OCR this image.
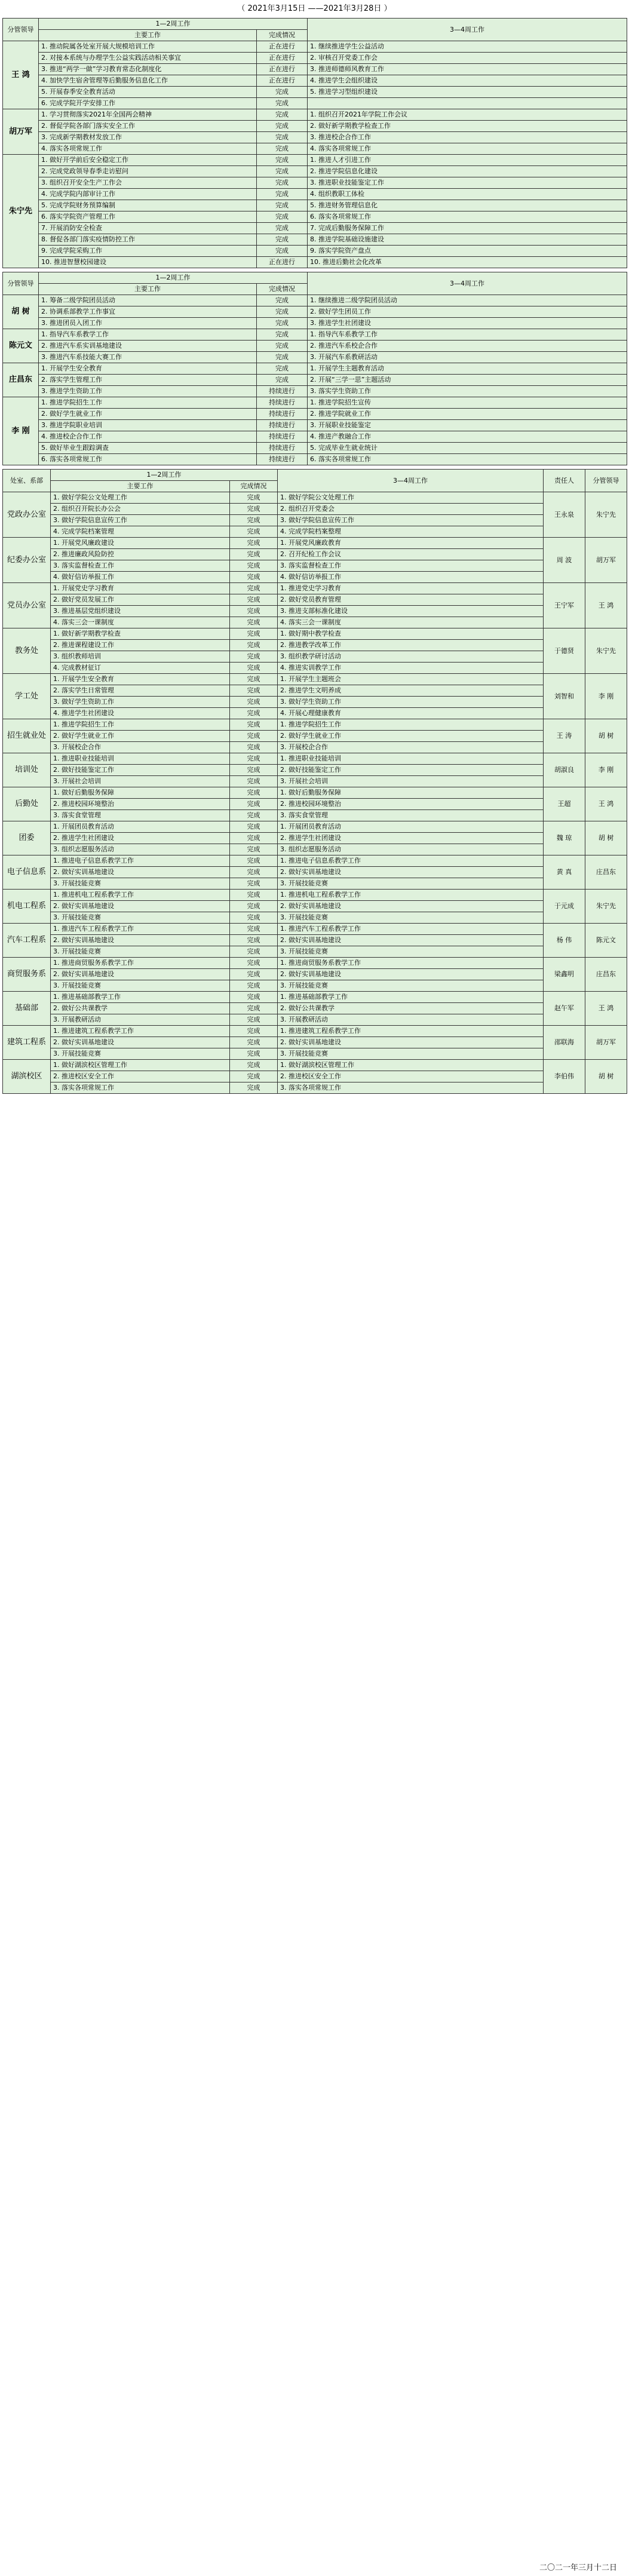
（ 2021年3月15日 ——2021年3月28日 ）
分管领导	1—2周工作		3—4周工作
	主要工作	完成情况	
王 鸿	1. 推动院属各处室开展大规模培训工作	正在进行	1. 继续推进学生公益活动
	2. 对接本系统与办理学生公益实践活动相关事宜	正在进行	2. 审核召开党委工作会
	3. 推进“两学一做”学习教育常态化制度化	正在进行	3. 推进师德师风教育工作
	4. 加快学生宿舍管理等后勤服务信息化工作	正在进行	4. 推进学生会组织建设
	5. 开展春季安全教育活动	完成	5. 推进学习型组织建设
	6. 完成学院开学安排工作	完成	
胡万军	1. 学习贯彻落实2021年全国两会精神	完成	1. 组织召开2021年学院工作会议
	2. 督促学院各部门落实安全工作	完成	2. 做好新学期教学检查工作
	3. 完成新学期教材发放工作	完成	3. 推进校企合作工作
	4. 落实各项常规工作	完成	4. 落实各项常规工作
朱宁先	1. 做好开学前后安全稳定工作	完成	1. 推进人才引进工作
	2. 完成党政领导春季走访慰问	完成	2. 推进学院信息化建设
	3. 组织召开安全生产工作会	完成	3. 推进职业技能鉴定工作
	4. 完成学院内部审计工作	完成	4. 组织教职工体检
	5. 完成学院财务预算编制	完成	5. 推进财务管理信息化
	6. 落实学院资产管理工作	完成	6. 落实各项常规工作
	7. 开展消防安全检查	完成	7. 完成后勤服务保障工作
	8. 督促各部门落实疫情防控工作	完成	8. 推进学院基础设施建设
	9. 完成学院采购工作	完成	9. 落实学院资产盘点
	10. 推进智慧校园建设	正在进行	10. 推进后勤社会化改革
分管领导	1—2周工作		3—4周工作
	主要工作	完成情况	
胡 树	1. 筹备二级学院团员活动	完成	1. 继续推进二级学院团员活动
	2. 协调系部教学工作事宜	完成	2. 做好学生团员工作
	3. 推进团员入团工作	完成	3. 推进学生社团建设
陈元文	1. 指导汽车系教学工作	完成	1. 指导汽车系教学工作
	2. 推进汽车系实训基地建设	完成	2. 推进汽车系校企合作
	3. 推进汽车系技能大赛工作	完成	3. 开展汽车系教研活动
庄昌东	1. 开展学生安全教育	完成	1. 开展学生主题教育活动
	2. 落实学生管理工作	完成	2. 开展“三学一思”主题活动
	3. 推进学生资助工作	持续进行	3. 落实学生资助工作
李 刚	1. 推进学院招生工作	持续进行	1. 推进学院招生宣传
	2. 做好学生就业工作	持续进行	2. 推进学院就业工作
	3. 推进学院职业培训	持续进行	3. 开展职业技能鉴定
	4. 推进校企合作工作	持续进行	4. 推进产教融合工作
	5. 做好毕业生跟踪调查	持续进行	5. 完成毕业生就业统计
	6. 落实各项常规工作	持续进行	6. 落实各项常规工作
处室、系部	1—2周工作		3—4周工作	责任人	分管领导
	主要工作	完成情况			
党政办公室	1. 做好学院公文处理工作	完成	1. 做好学院公文处理工作	王永泉	朱宁先
	2. 组织召开院长办公会	完成	2. 组织召开党委会		
	3. 做好学院信息宣传工作	完成	3. 做好学院信息宣传工作		
	4. 完成学院档案管理	完成	4. 完成学院档案整理		
纪委办公室	1. 开展党风廉政建设	完成	1. 开展党风廉政教育	周 波	胡万军
	2. 推进廉政风险防控	完成	2. 召开纪检工作会议		
	3. 落实监督检查工作	完成	3. 落实监督检查工作		
	4. 做好信访举报工作	完成	4. 做好信访举报工作		
党员办公室	1. 开展党史学习教育	完成	1. 推进党史学习教育	王宁军	王 鸿
	2. 做好党员发展工作	完成	2. 做好党员教育管理		
	3. 推进基层党组织建设	完成	3. 推进支部标准化建设		
	4. 落实三会一课制度	完成	4. 落实三会一课制度		
教务处	1. 做好新学期教学检查	完成	1. 做好期中教学检查	于德贤	朱宁先
	2. 推进课程建设工作	完成	2. 推进教学改革工作		
	3. 组织教师培训	完成	3. 组织教学研讨活动		
	4. 完成教材征订	完成	4. 推进实训教学工作		
学工处	1. 开展学生安全教育	完成	1. 开展学生主题班会	刘智和	李 刚
	2. 落实学生日常管理	完成	2. 推进学生文明养成		
	3. 做好学生资助工作	完成	3. 做好学生资助工作		
	4. 推进学生社团建设	完成	4. 开展心理健康教育		
招生就业处	1. 推进学院招生工作	完成	1. 推进学院招生工作	王 涛	胡 树
	2. 做好学生就业工作	完成	2. 做好学生就业工作		
	3. 开展校企合作	完成	3. 开展校企合作		
培训处	1. 推进职业技能培训	完成	1. 推进职业技能培训	胡淑良	李 刚
	2. 做好技能鉴定工作	完成	2. 做好技能鉴定工作		
	3. 开展社会培训	完成	3. 开展社会培训		
后勤处	1. 做好后勤服务保障	完成	1. 做好后勤服务保障	王超	王 鸿
	2. 推进校园环境整治	完成	2. 推进校园环境整治		
	3. 落实食堂管理	完成	3. 落实食堂管理		
团委	1. 开展团员教育活动	完成	1. 开展团员教育活动	魏 琼	胡 树
	2. 推进学生社团建设	完成	2. 推进学生社团建设		
	3. 组织志愿服务活动	完成	3. 组织志愿服务活动		
电子信息系	1. 推进电子信息系教学工作	完成	1. 推进电子信息系教学工作	黄 真	庄昌东
	2. 做好实训基地建设	完成	2. 做好实训基地建设		
	3. 开展技能竞赛	完成	3. 开展技能竞赛		
机电工程系	1. 推进机电工程系教学工作	完成	1. 推进机电工程系教学工作	于元成	朱宁先
	2. 做好实训基地建设	完成	2. 做好实训基地建设		
	3. 开展技能竞赛	完成	3. 开展技能竞赛		
汽车工程系	1. 推进汽车工程系教学工作	完成	1. 推进汽车工程系教学工作	杨 伟	陈元文
	2. 做好实训基地建设	完成	2. 做好实训基地建设		
	3. 开展技能竞赛	完成	3. 开展技能竞赛		
商贸服务系	1. 推进商贸服务系教学工作	完成	1. 推进商贸服务系教学工作	梁鑫明	庄昌东
	2. 做好实训基地建设	完成	2. 做好实训基地建设		
	3. 开展技能竞赛	完成	3. 开展技能竞赛		
基础部	1. 推进基础部教学工作	完成	1. 推进基础部教学工作	赵午军	王 鸿
	2. 做好公共课教学	完成	2. 做好公共课教学		
	3. 开展教研活动	完成	3. 开展教研活动		
建筑工程系	1. 推进建筑工程系教学工作	完成	1. 推进建筑工程系教学工作	邵联海	胡万军
	2. 做好实训基地建设	完成	2. 做好实训基地建设		
	3. 开展技能竞赛	完成	3. 开展技能竞赛		
湖滨校区	1. 做好湖滨校区管理工作	完成	1. 做好湖滨校区管理工作	李伯伟	胡 树
	2. 推进校区安全工作	完成	2. 推进校区安全工作		
	3. 落实各项常规工作	完成	3. 落实各项常规工作		
二〇二一年三月十二日
